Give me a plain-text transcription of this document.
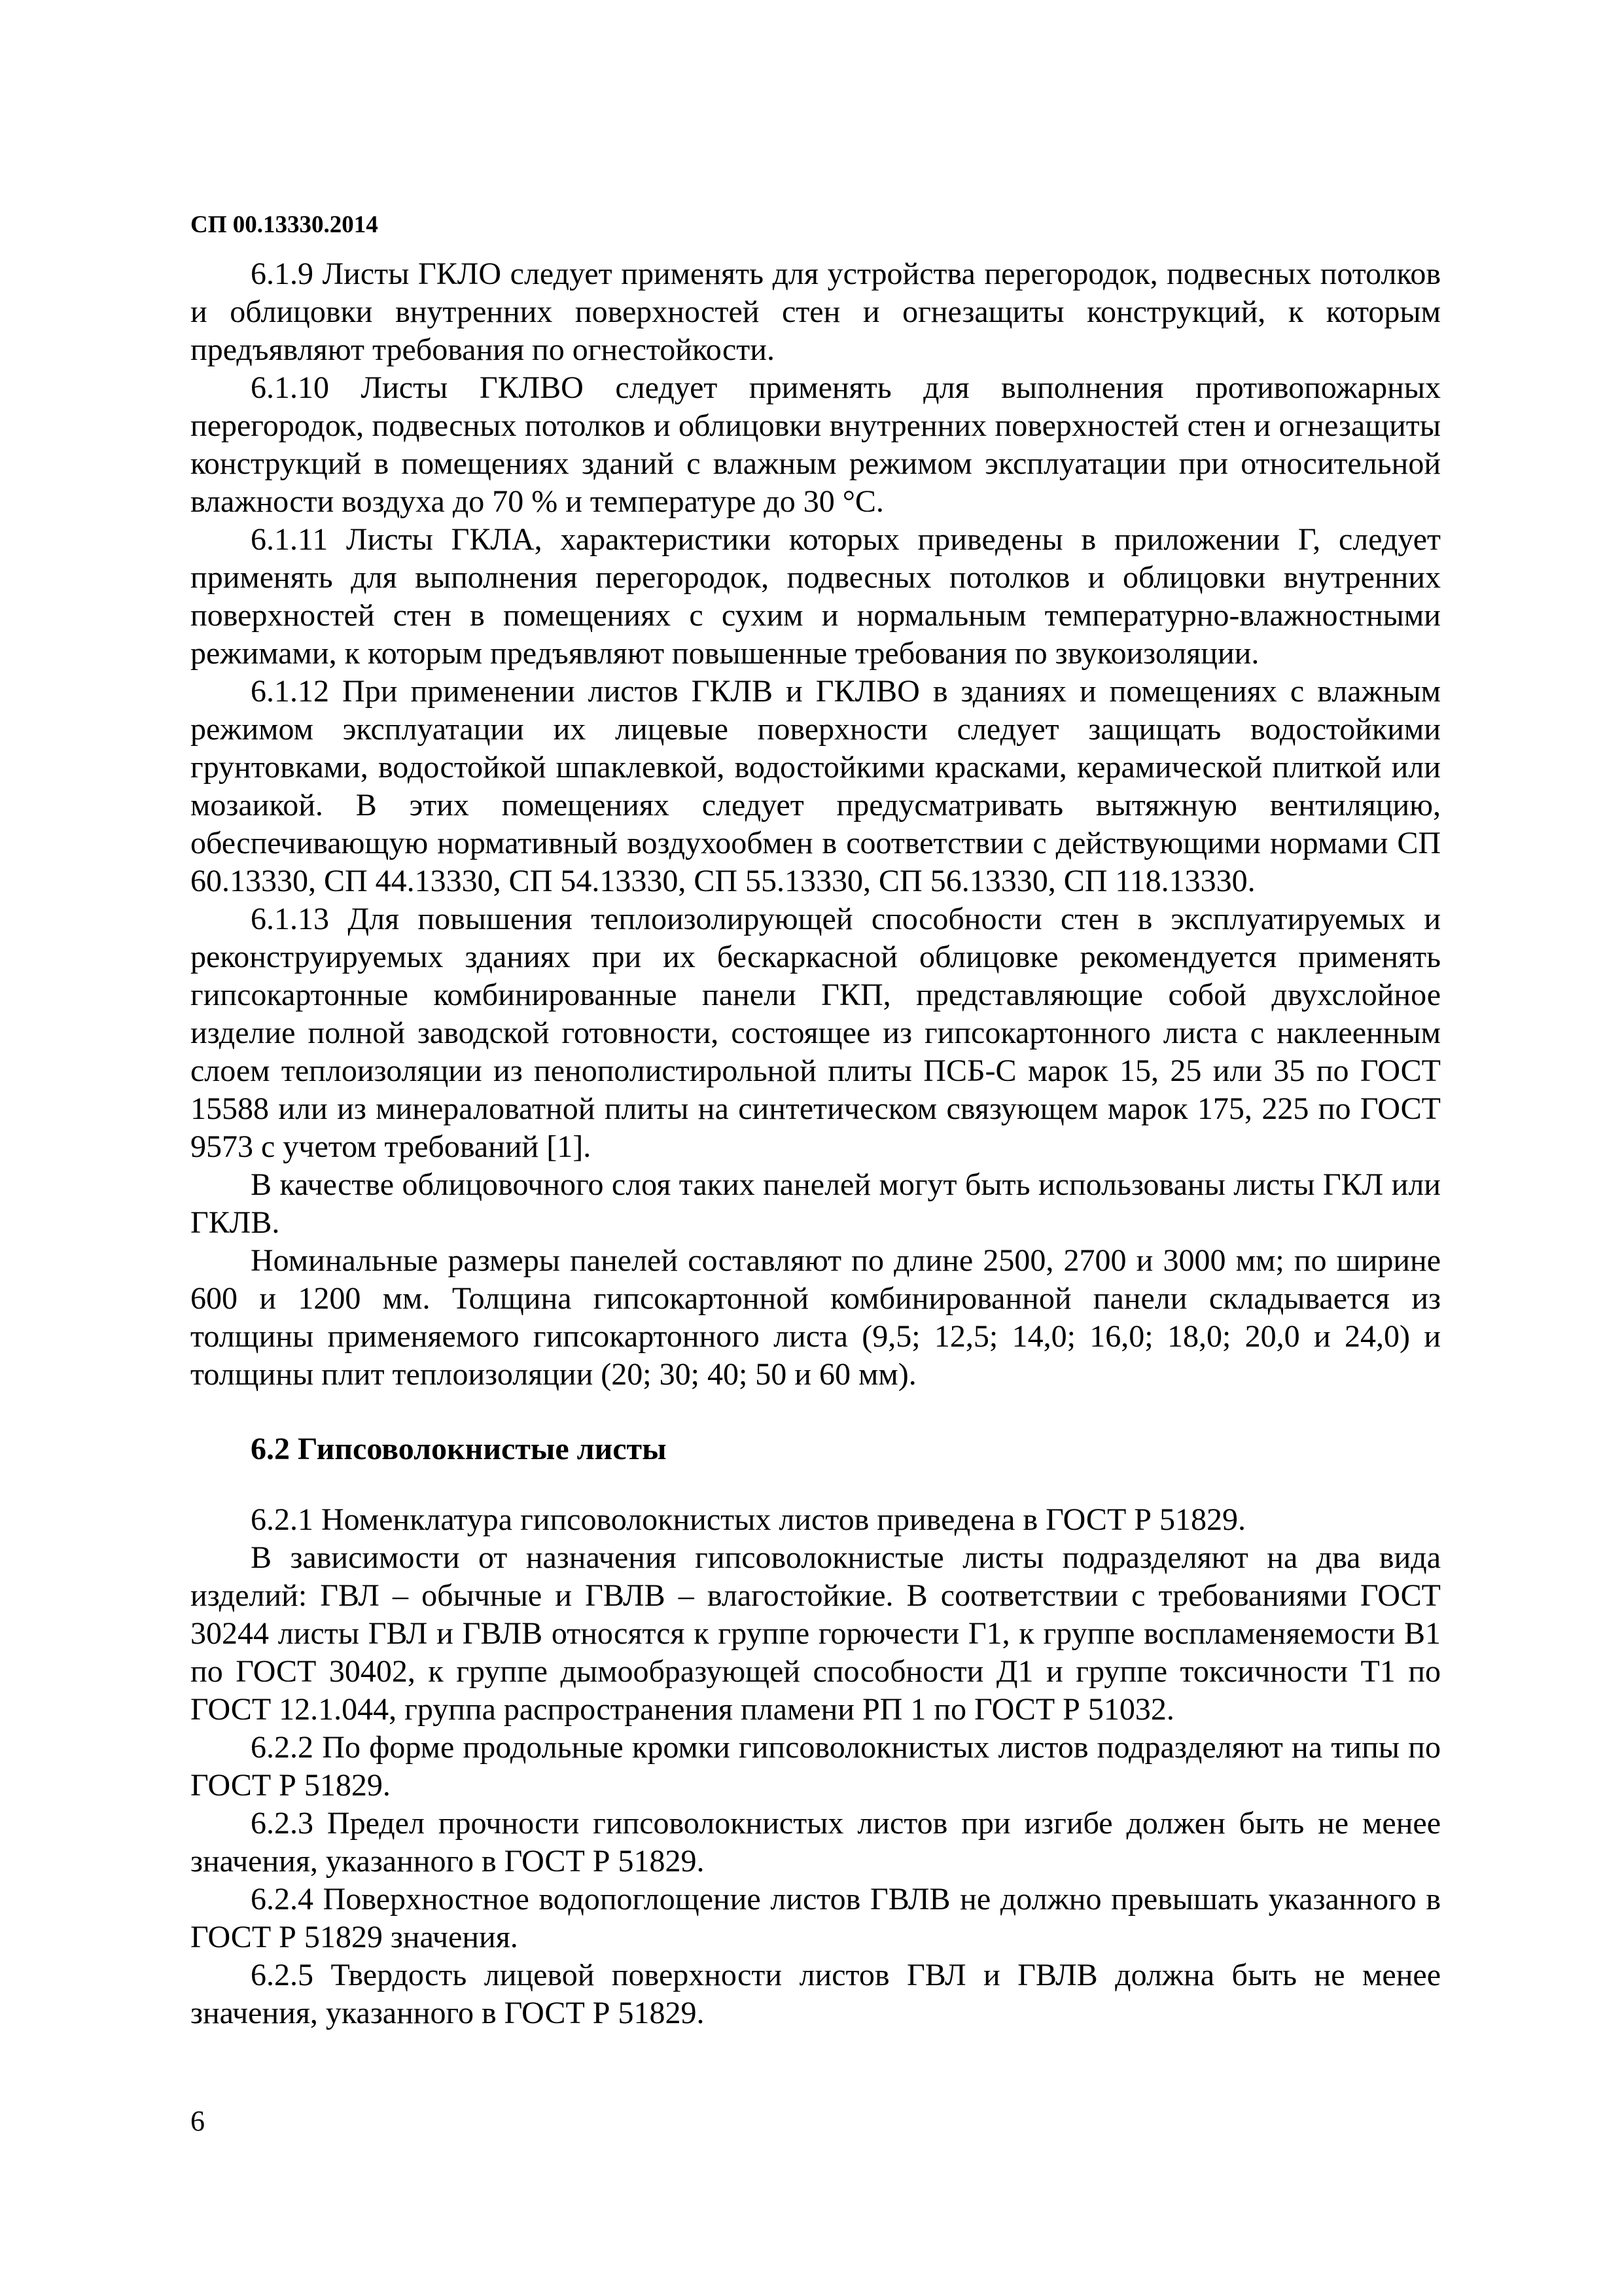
СП 00.13330.2014

6.1.9 Листы ГКЛО следует применять для устройства перегородок, подвесных потолков и облицовки внутренних поверхностей стен и огнезащиты конструкций, к которым предъявляют требования по огнестойкости.

6.1.10 Листы ГКЛВО следует применять для выполнения противопожарных перегородок, подвесных потолков и облицовки внутренних поверхностей стен и огнезащиты конструкций в помещениях зданий с влажным режимом эксплуатации при относительной влажности воздуха до 70 % и температуре до 30 °С.

6.1.11 Листы ГКЛА, характеристики которых приведены в приложении Г, следует применять для выполнения перегородок, подвесных потолков и облицовки внутренних поверхностей стен в помещениях с сухим и нормальным температурно-влажностными режимами, к которым предъявляют повышенные требования по звукоизоляции.

6.1.12 При применении листов ГКЛВ и ГКЛВО в зданиях и помещениях с влажным режимом эксплуатации их лицевые поверхности следует защищать водостойкими грунтовками, водостойкой шпаклевкой, водостойкими красками, керамической плиткой или мозаикой. В этих помещениях следует предусматривать вытяжную вентиляцию, обеспечивающую нормативный воздухообмен в соответствии с действующими нормами СП 60.13330, СП 44.13330, СП 54.13330, СП 55.13330, СП 56.13330, СП 118.13330.

6.1.13 Для повышения теплоизолирующей способности стен в эксплуатируемых и реконструируемых зданиях при их бескаркасной облицовке рекомендуется применять гипсокартонные комбинированные панели ГКП, представляющие собой двухслойное изделие полной заводской готовности, состоящее из гипсокартонного листа с наклеенным слоем теплоизоляции из пенополистирольной плиты ПСБ-С марок 15, 25 или 35 по ГОСТ 15588 или из минераловатной плиты на синтетическом связующем марок 175, 225 по ГОСТ 9573 с учетом требований [1].

В качестве облицовочного слоя таких панелей могут быть использованы листы ГКЛ или ГКЛВ.

Номинальные размеры панелей составляют по длине 2500, 2700 и 3000 мм; по ширине 600 и 1200 мм. Толщина гипсокартонной комбинированной панели складывается из толщины применяемого гипсокартонного листа (9,5; 12,5; 14,0; 16,0; 18,0; 20,0 и 24,0) и толщины плит теплоизоляции (20; 30; 40; 50 и 60 мм).

6.2 Гипсоволокнистые листы

6.2.1 Номенклатура гипсоволокнистых листов приведена в ГОСТ Р 51829.

В зависимости от назначения гипсоволокнистые листы подразделяют на два вида изделий: ГВЛ – обычные и ГВЛВ – влагостойкие. В соответствии с требованиями ГОСТ 30244 листы ГВЛ и ГВЛВ относятся к группе горючести Г1, к группе воспламеняемости В1 по ГОСТ 30402, к группе дымообразующей способности Д1 и группе токсичности Т1 по ГОСТ 12.1.044, группа распространения пламени РП 1 по ГОСТ Р 51032.

6.2.2 По форме продольные кромки гипсоволокнистых листов подразделяют на типы по ГОСТ Р 51829.

6.2.3 Предел прочности гипсоволокнистых листов при изгибе должен быть не менее значения, указанного в ГОСТ Р 51829.

6.2.4 Поверхностное водопоглощение листов ГВЛВ не должно превышать указанного в ГОСТ Р 51829 значения.

6.2.5 Твердость лицевой поверхности листов ГВЛ и ГВЛВ должна быть не менее значения, указанного в ГОСТ Р 51829.

6
